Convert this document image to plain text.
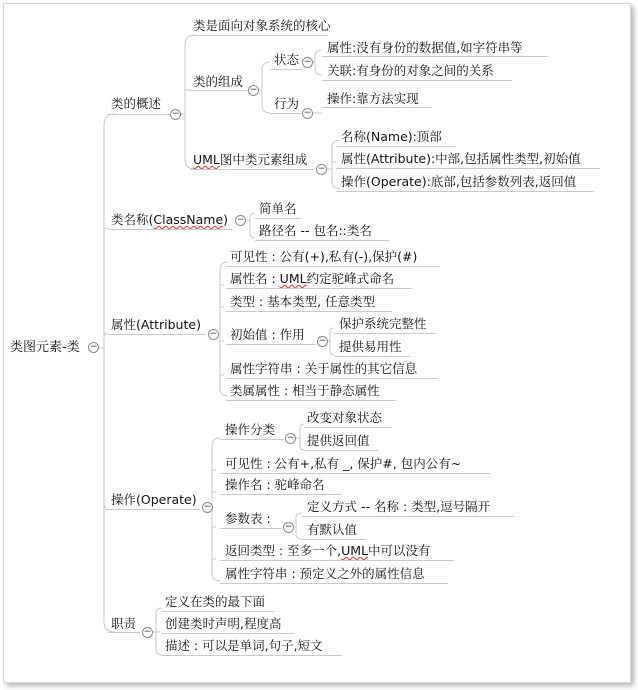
类图元素-类 −
类的概述
−
类是面向对象系统的核心
类的组成
−
状态 −
属性:没有身份的数据值,如字符串等
关联:有身份的对象之间的关系
行为
−
操作:靠方法实现
UML图中类元素组成
−
名称(Name):顶部
属性(Attribute):中部,包括属性类型,初始值
操作(Operate):底部,包括参数列表,返回值
类名称(ClassName) −
简单名
路径名 -- 包名::类名
属性(Attribute)
−
可见性 : 公有(+),私有(-),保护(#)
属性名 : UML约定驼峰式命名
类型 : 基本类型, 任意类型
初始值 : 作用 −
保护系统完整性
提供易用性
属性字符串 : 关于属性的其它信息
类属属性 : 相当于静态属性
操作(Operate) −
操作分类
−
改变对象状态
提供返回值
可见性 : 公有+,私有 _, 保护#, 包内公有~
操作名 : 驼峰命名
参数表 :
−
定义方式 -- 名称 : 类型,逗号隔开
有默认值
返回类型 : 至多一个,UML中可以没有
属性字符串 : 预定义之外的属性信息
职责
−
定义在类的最下面
创建类时声明,程度高
描述 : 可以是单词,句子,短文
